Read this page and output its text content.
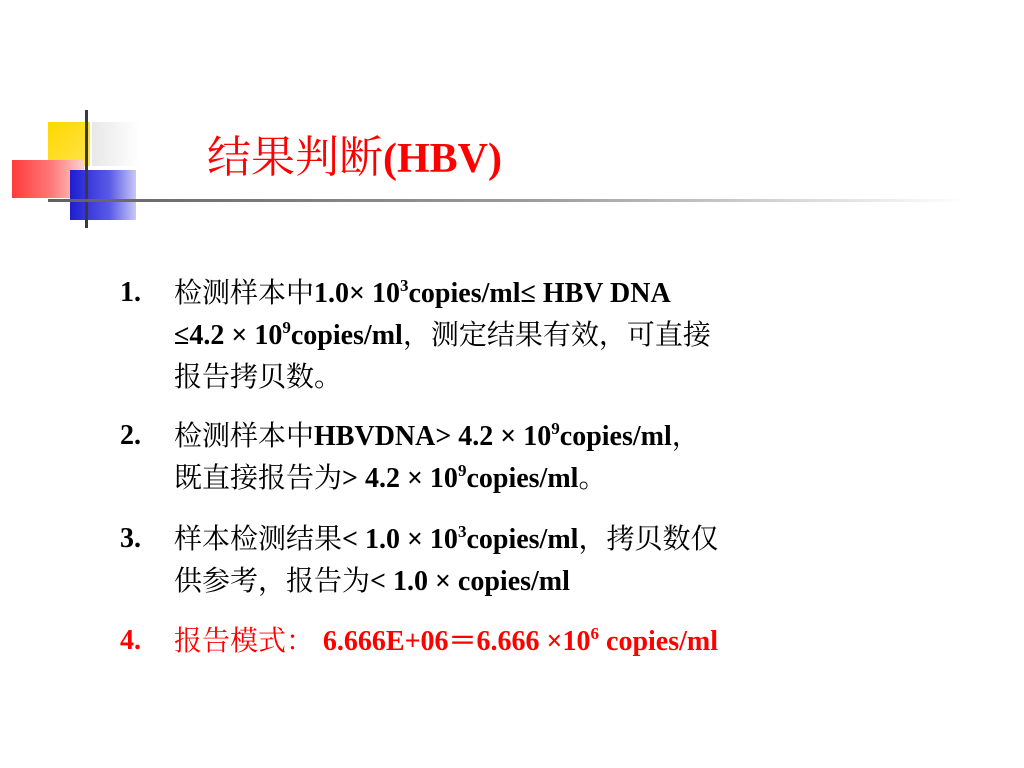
结果判断(HBV)
1. 检测样本中$1.0\times 10^3copies/ml\le$ HBV DNA
$\le 4.2 \times 10^9copies/ml$，测定结果有效，可直接
报告拷贝数。
2. 检测样本中HBVDNA> $4.2 \times 10^9copies/ml$，
既直接报告为> $4.2 \times 10^9copies/ml$。
3. 样本检测结果< $1.0 \times 10^3copies/ml$，拷贝数仅
供参考，报告为< 1.0 × copies/ml
4. 报告模式： $6.666E+06=6.666 \times 10^6$ copies/ml
